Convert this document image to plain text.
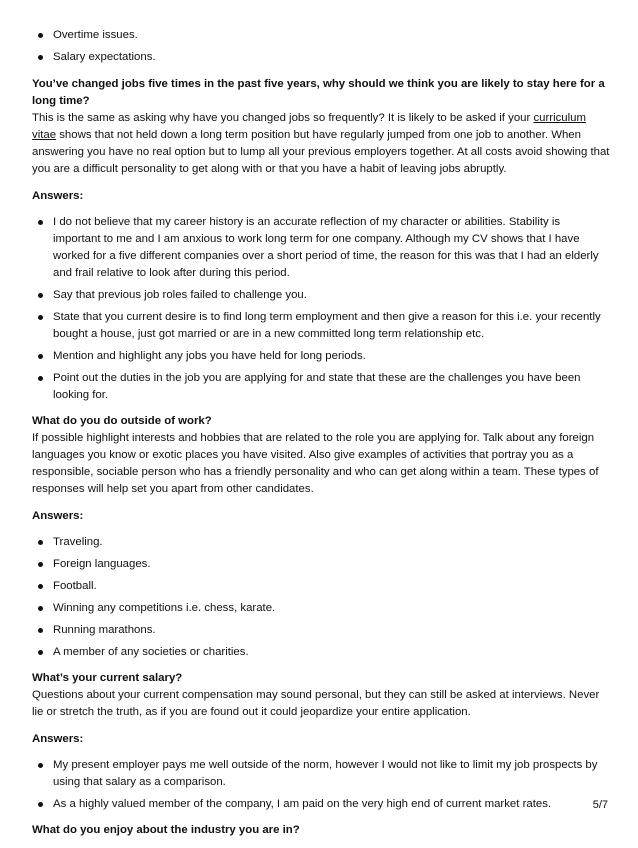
Overtime issues.
Salary expectations.

You’ve changed jobs five times in the past five years, why should we think you are likely to stay here for a long time?

This is the same as asking why have you changed jobs so frequently? It is likely to be asked if your curriculum vitae shows that not held down a long term position but have regularly jumped from one job to another. When answering you have no real option but to lump all your previous employers together. At all costs avoid showing that you are a difficult personality to get along with or that you have a habit of leaving jobs abruptly.

Answers:

I do not believe that my career history is an accurate reflection of my character or abilities. Stability is important to me and I am anxious to work long term for one company. Although my CV shows that I have worked for a five different companies over a short period of time, the reason for this was that I had an elderly and frail relative to look after during this period.
Say that previous job roles failed to challenge you.
State that you current desire is to find long term employment and then give a reason for this i.e. your recently bought a house, just got married or are in a new committed long term relationship etc.
Mention and highlight any jobs you have held for long periods.
Point out the duties in the job you are applying for and state that these are the challenges you have been looking for.

What do you do outside of work?

If possible highlight interests and hobbies that are related to the role you are applying for. Talk about any foreign languages you know or exotic places you have visited. Also give examples of activities that portray you as a responsible, sociable person who has a friendly personality and who can get along within a team. These types of responses will help set you apart from other candidates.

Answers:

Traveling.
Foreign languages.
Football.
Winning any competitions i.e. chess, karate.
Running marathons.
A member of any societies or charities.

What’s your current salary?

Questions about your current compensation may sound personal, but they can still be asked at interviews. Never lie or stretch the truth, as if you are found out it could jeopardize your entire application.

Answers:

My present employer pays me well outside of the norm, however I would not like to limit my job prospects by using that salary as a comparison.
As a highly valued member of the company, I am paid on the very high end of current market rates.

What do you enjoy about the industry you are in?

5/7
